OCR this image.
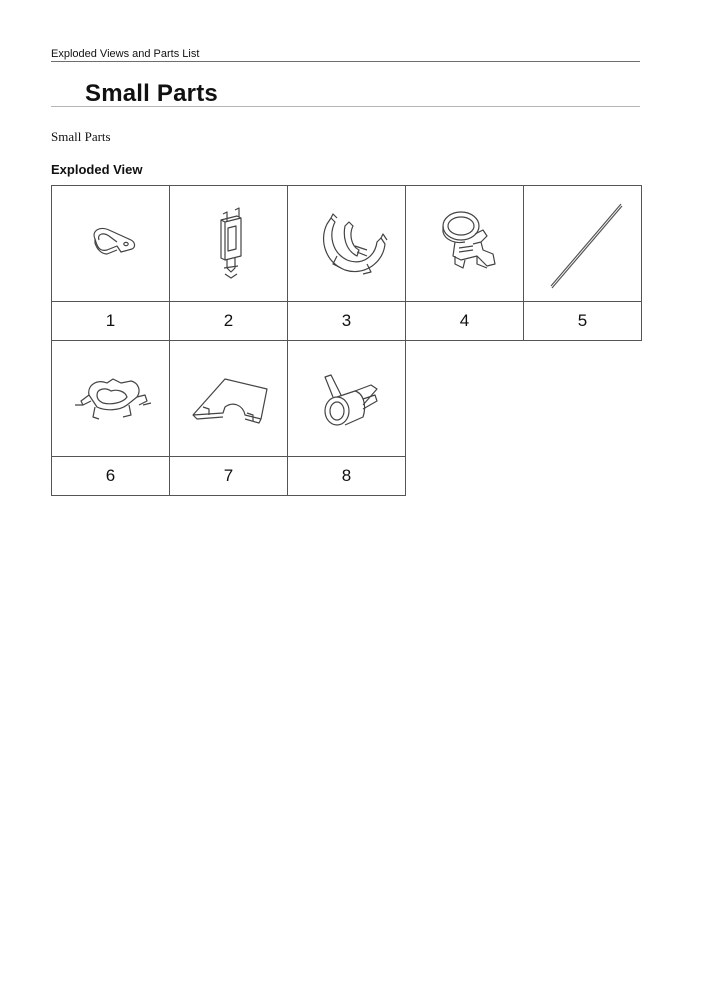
Exploded Views and Parts List
Small Parts
Small Parts
Exploded View

1	2	3	4	5

6	7	8		
